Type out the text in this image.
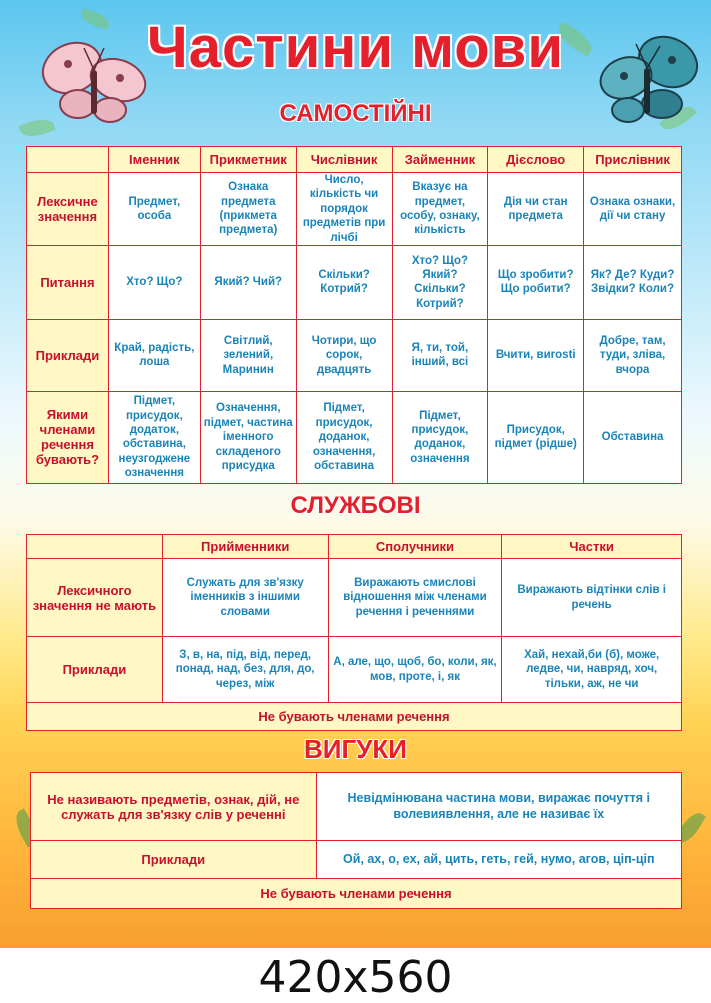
Частини мови
САМОСТІЙНІ
	Іменник	Прикметник	Числівник	Займенник	Дієслово	Прислівник
Лексичне значення	Предмет, особа	Ознака предмета (прикмета предмета)	Число, кількість чи порядок предметів при лічбі	Вказує на предмет, особу, ознаку, кількість	Дія чи стан предмета	Ознака ознаки, дії чи стану
Питання	Хто? Що?	Який? Чий?	Скільки? Котрий?	Хто? Що? Який? Скільки? Котрий?	Що зробити? Що робити?	Як? Де? Куди? Звідки? Коли?
Приклади	Край, радість, лоша	Світлий, зелений, Маринин	Чотири, що сорок, двадцять	Я, ти, той, інший, всі	Вчити, виrosti	Добре, там, туди, зліва, вчора
Якими членами речення бувають?	Підмет, присудок, додаток, обставина, неузгоджене означення	Означення, підмет, частина іменного складеного присудка	Підмет, присудок, доданок, означення, обставина	Підмет, присудок, доданок, означення	Присудок, підмет (рідше)	Обставина
СЛУЖБОВІ
	Прийменники	Сполучники	Частки
Лексичного значення не мають	Служать для зв'язку іменників з іншими словами	Виражають смислові відношення між членами речення і реченнями	Виражають відтінки слів і речень
Приклади	З, в, на, під, від, перед, понад, над, без, для, до, через, між	А, але, що, щоб, бо, коли, як, мов, проте, і, як	Хай, нехай,би (б), може, ледве, чи, навряд, хоч, тільки, аж, не чи
Не бувають членами речення			
ВИГУКИ
Не називають предметів, ознак, дій, не служать для зв'язку слів у реченні	Невідмінювана частина мови, виражає почуття і волевиявлення, але не називає їх
Приклади	Ой, ах, о, ех, ай, цить, геть, гей, нумо, агов, ціп-ціп
Не бувають членами речення	
420x560
